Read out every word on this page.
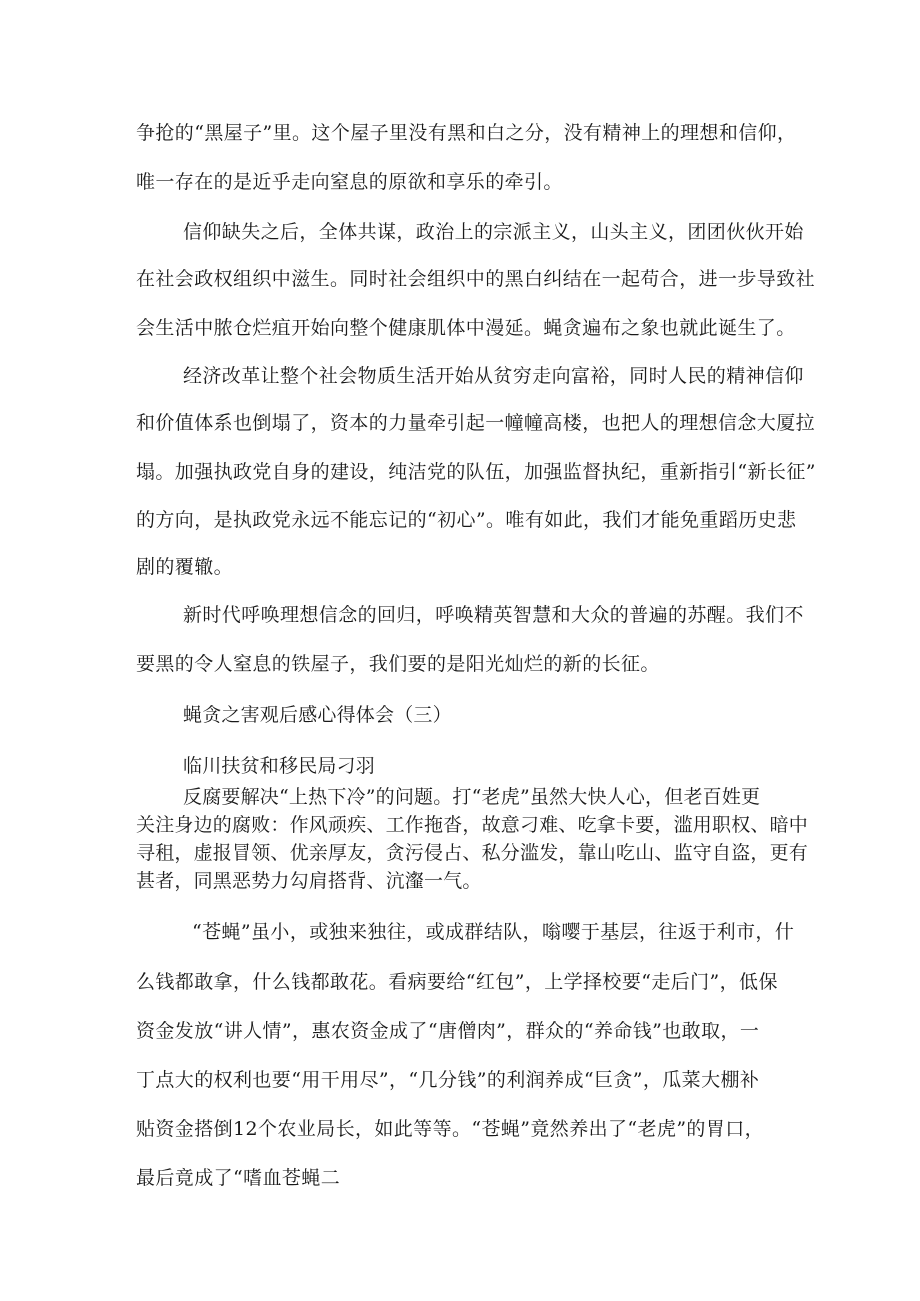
争抢的“黑屋子”里。这个屋子里没有黑和白之分，没有精神上的理想和信仰，
唯一存在的是近乎走向窒息的原欲和享乐的牵引。
信仰缺失之后，全体共谋，政治上的宗派主义，山头主义，团团伙伙开始
在社会政权组织中滋生。同时社会组织中的黑白纠结在一起苟合，进一步导致社
会生活中脓仓烂疽开始向整个健康肌体中漫延。蝇贪遍布之象也就此诞生了。
经济改革让整个社会物质生活开始从贫穷走向富裕，同时人民的精神信仰
和价值体系也倒塌了，资本的力量牵引起一幢幢高楼，也把人的理想信念大厦拉
塌。加强执政党自身的建设，纯洁党的队伍，加强监督执纪，重新指引“新长征”
的方向，是执政党永远不能忘记的“初心”。唯有如此，我们才能免重蹈历史悲
剧的覆辙。
新时代呼唤理想信念的回归，呼唤精英智慧和大众的普遍的苏醒。我们不
要黑的令人窒息的铁屋子，我们要的是阳光灿烂的新的长征。
蝇贪之害观后感心得体会（三）
临川扶贫和移民局刁羽
反腐要解决“上热下冷”的问题。打“老虎”虽然大快人心，但老百姓更
关注身边的腐败：作风顽疾、工作拖沓，故意刁难、吃拿卡要，滥用职权、暗中
寻租，虚报冒领、优亲厚友，贪污侵占、私分滥发，靠山吃山、监守自盗，更有
甚者，同黑恶势力勾肩搭背、沆瀣一气。
“苍蝇”虽小，或独来独往，或成群结队，嗡嘤于基层，往返于利市，什
么钱都敢拿，什么钱都敢花。看病要给“红包”，上学择校要“走后门”，低保
资金发放“讲人情”，惠农资金成了“唐僧肉”，群众的“养命钱”也敢取，一
丁点大的权利也要“用干用尽”，“几分钱”的利润养成“巨贪”，瓜菜大棚补
贴资金搭倒12个农业局长，如此等等。“苍蝇”竟然养出了“老虎”的胃口，
最后竟成了“嗜血苍蝇二
